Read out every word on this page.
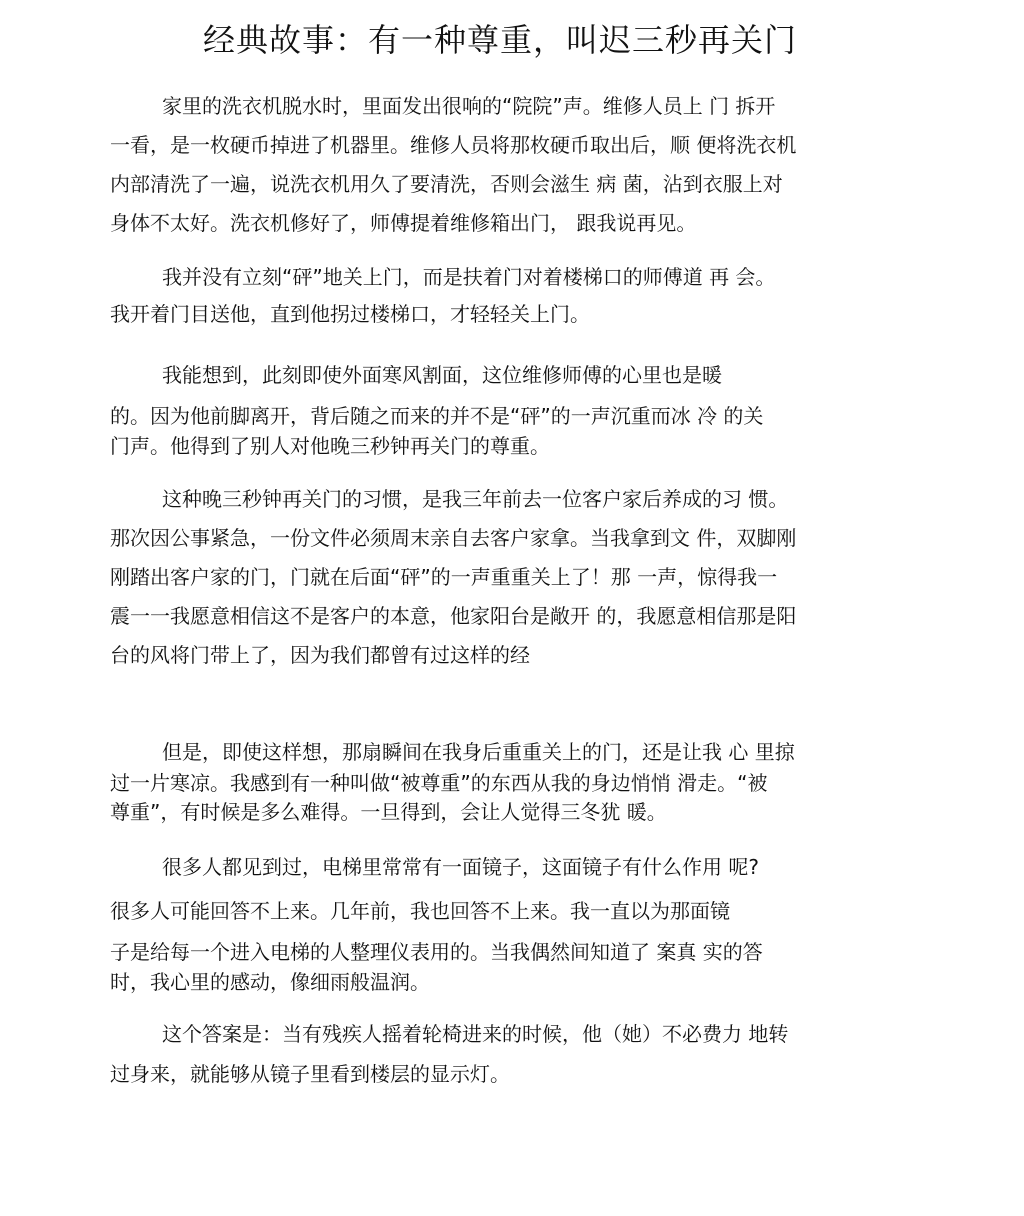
经典故事：有一种尊重，叫迟三秒再关门
家里的洗衣机脱水时，里面发出很响的“院院”声。维修人员上 门 拆开
一看，是一枚硬币掉进了机器里。维修人员将那枚硬币取出后，顺 便将洗衣机
内部清洗了一遍，说洗衣机用久了要清洗，否则会滋生 病 菌，沾到衣服上对
身体不太好。洗衣机修好了，师傅提着维修箱出门， 跟我说再见。
我并没有立刻“砰”地关上门，而是扶着门对着楼梯口的师傅道 再 会。
我开着门目送他，直到他拐过楼梯口，才轻轻关上门。
我能想到，此刻即使外面寒风割面，这位维修师傅的心里也是暖
的。因为他前脚离开，背后随之而来的并不是“砰”的一声沉重而冰 冷 的关
门声。他得到了别人对他晚三秒钟再关门的尊重。
这种晚三秒钟再关门的习惯，是我三年前去一位客户家后养成的习 惯。
那次因公事紧急，一份文件必须周末亲自去客户家拿。当我拿到文 件，双脚刚
刚踏出客户家的门，门就在后面“砰”的一声重重关上了！那 一声，惊得我一
震一一我愿意相信这不是客户的本意，他家阳台是敞开 的，我愿意相信那是阳
台的风将门带上了，因为我们都曾有过这样的经
但是，即使这样想，那扇瞬间在我身后重重关上的门，还是让我 心 里掠
过一片寒凉。我感到有一种叫做“被尊重”的东西从我的身边悄悄 滑走。“被
尊重”，有时候是多么难得。一旦得到，会让人觉得三冬犹 暖。
很多人都见到过，电梯里常常有一面镜子，这面镜子有什么作用 呢?
很多人可能回答不上来。几年前，我也回答不上来。我一直以为那面镜
子是给每一个进入电梯的人整理仪表用的。当我偶然间知道了 案真 实的答
时，我心里的感动，像细雨般温润。
这个答案是：当有残疾人摇着轮椅进来的时候，他（她）不必费力 地转
过身来，就能够从镜子里看到楼层的显示灯。
